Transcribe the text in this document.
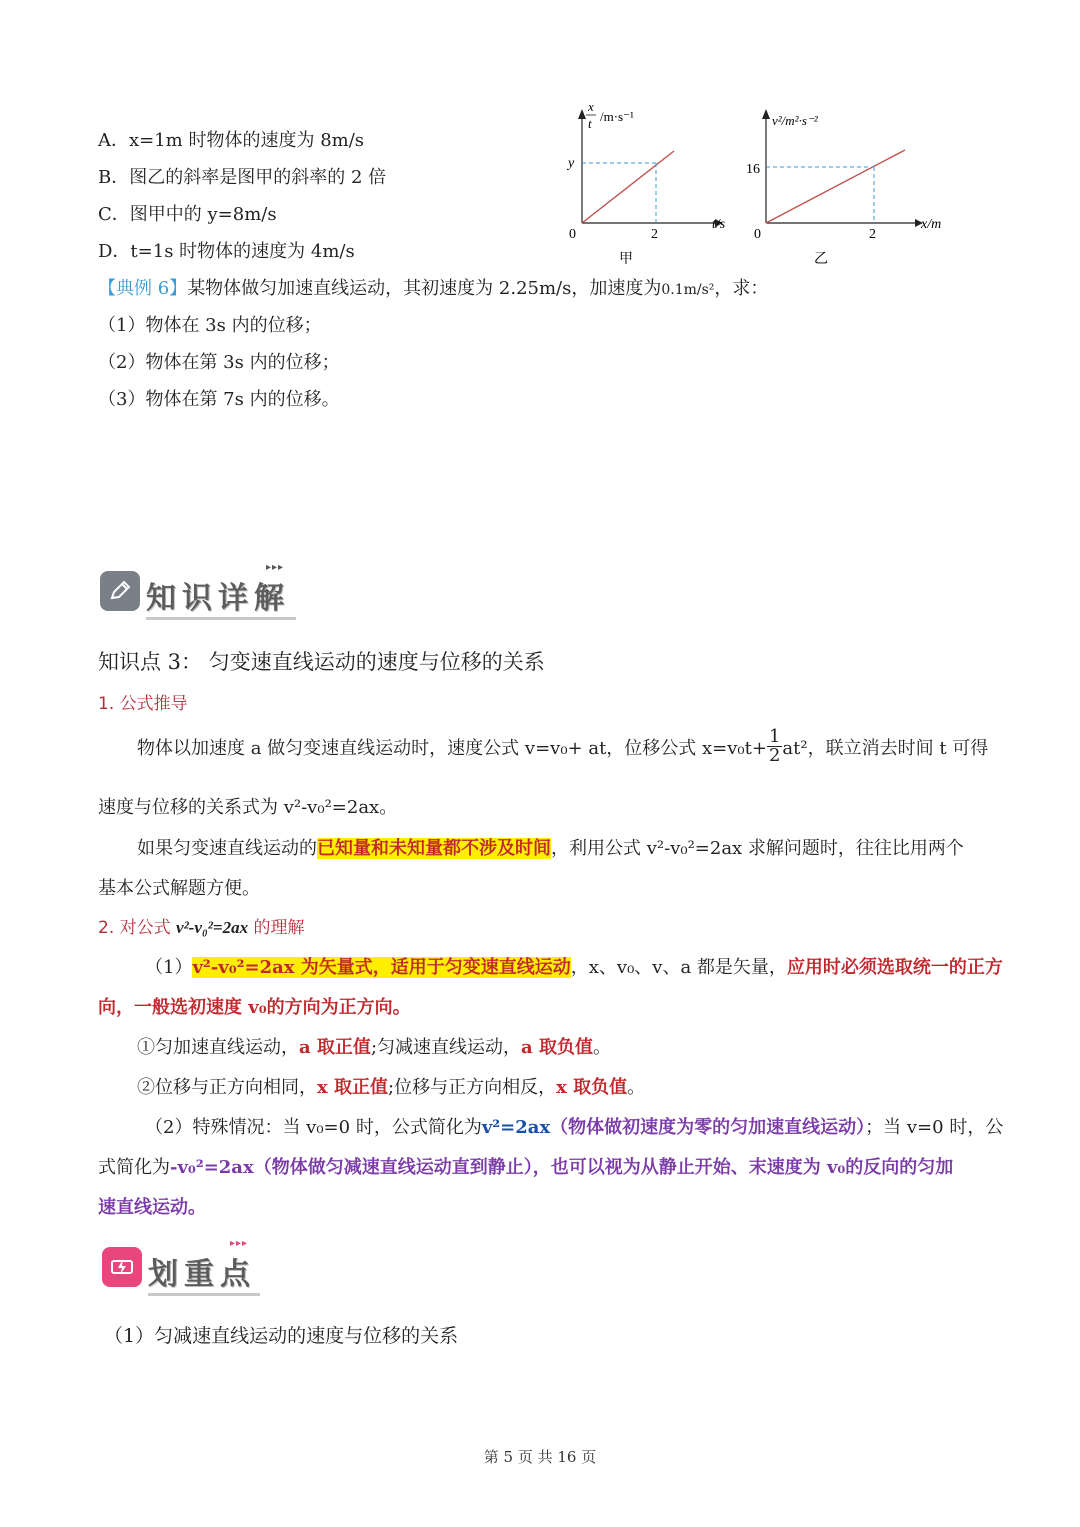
A．x=1m 时物体的速度为 8m/s
B．图乙的斜率是图甲的斜率的 2 倍
C．图甲中的 y=8m/s
D．t=1s 时物体的速度为 4m/s
x
t /m·s⁻¹
y
2
0
t/s
甲
v²/m²·s⁻²
16
2
0
x/m
乙
【典例 6】某物体做匀加速直线运动，其初速度为 2.25m/s，加速度为0.1m/s²，求：
（1）物体在 3s 内的位移；
（2）物体在第 3s 内的位移；
（3）物体在第 7s 内的位移。
▸▸▸
知识详解
知识点 3： 匀变速直线运动的速度与位移的关系
1. 公式推导
物体以加速度 a 做匀变速直线运动时，速度公式 v=v₀+ at，位移公式 $x=v_0t+ \frac{1}{2} at^2$，联立消去时间 t 可得
速度与位移的关系式为 v²-v₀²=2ax。
如果匀变速直线运动的已知量和未知量都不涉及时间，利用公式 v²-v₀²=2ax 求解问题时，往往比用两个
基本公式解题方便。
2. 对公式 v²-v₀²=2ax 的理解
（1）v²-v₀²=2ax 为矢量式，适用于匀变速直线运动，x、v₀、v、a 都是矢量，应用时必须选取统一的正方
向，一般选初速度 v₀的方向为正方向。
①匀加速直线运动，a 取正值;匀减速直线运动，a 取负值。
②位移与正方向相同，x 取正值;位移与正方向相反，x 取负值。
（2）特殊情况：当 v₀=0 时，公式简化为v²=2ax（物体做初速度为零的匀加速直线运动）；当 v=0 时，公
式简化为-v₀²=2ax（物体做匀减速直线运动直到静止），也可以视为从静止开始、末速度为 v₀的反向的匀加
速直线运动。
▸▸▸
划重点
（1）匀减速直线运动的速度与位移的关系
第 5 页 共 16 页
